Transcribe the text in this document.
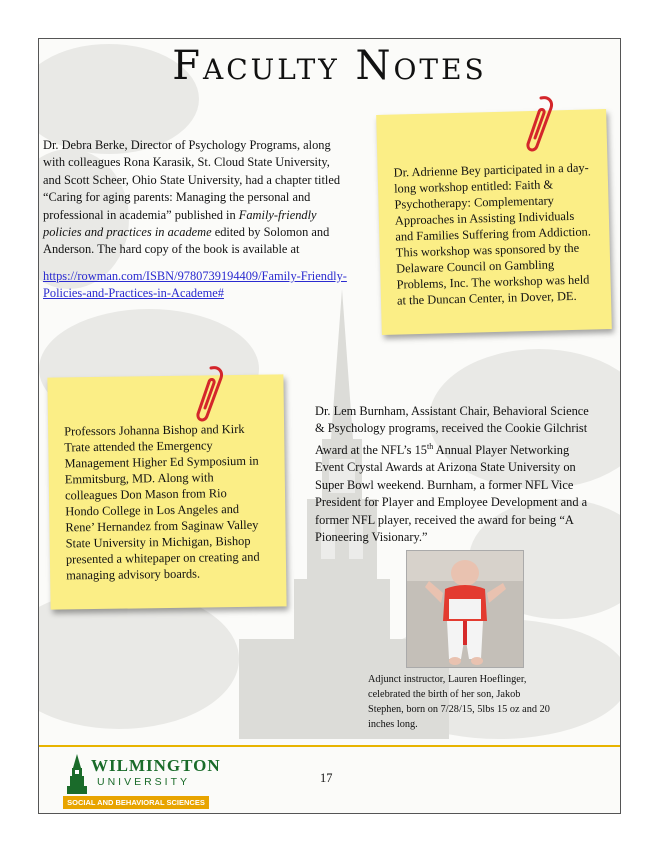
Faculty Notes
Dr. Debra Berke, Director of Psychology Programs, along
with colleagues Rona Karasik, St. Cloud State University,
and Scott Scheer, Ohio State University, had a chapter titled
“Caring for aging parents: Managing the personal and
professional in academia” published in Family-friendly
policies and practices in academe edited by Solomon and
Anderson. The hard copy of the book is available at
https://rowman.com/ISBN/9780739194409/Family-Friendly-
Policies-and-Practices-in-Academe#
Dr. Adrienne Bey participated in a day-
long workshop entitled: Faith &
Psychotherapy: Complementary
Approaches in Assisting Individuals
and Families Suffering from Addiction.
This workshop was sponsored by the
Delaware Council on Gambling
Problems, Inc. The workshop was held
at the Duncan Center, in Dover, DE.
Professors Johanna Bishop and Kirk
Trate attended the Emergency
Management Higher Ed Symposium in
Emmitsburg, MD. Along with
colleagues Don Mason from Rio
Hondo College in Los Angeles and
Rene’ Hernandez from Saginaw Valley
State University in Michigan, Bishop
presented a whitepaper on creating and
managing advisory boards.
Dr. Lem Burnham, Assistant Chair, Behavioral Science
& Psychology programs, received the Cookie Gilchrist
Award at the NFL’s 15th Annual Player Networking
Event Crystal Awards at Arizona State University on
Super Bowl weekend. Burnham, a former NFL Vice
President for Player and Employee Development and a
former NFL player, received the award for being “A
Pioneering Visionary.”
Adjunct instructor, Lauren Hoeflinger,
celebrated the birth of her son, Jakob
Stephen, born on 7/28/15, 5lbs 15 oz and 20
inches long.
WILMINGTON
UNIVERSITY
SOCIAL AND BEHAVIORAL SCIENCES
17
